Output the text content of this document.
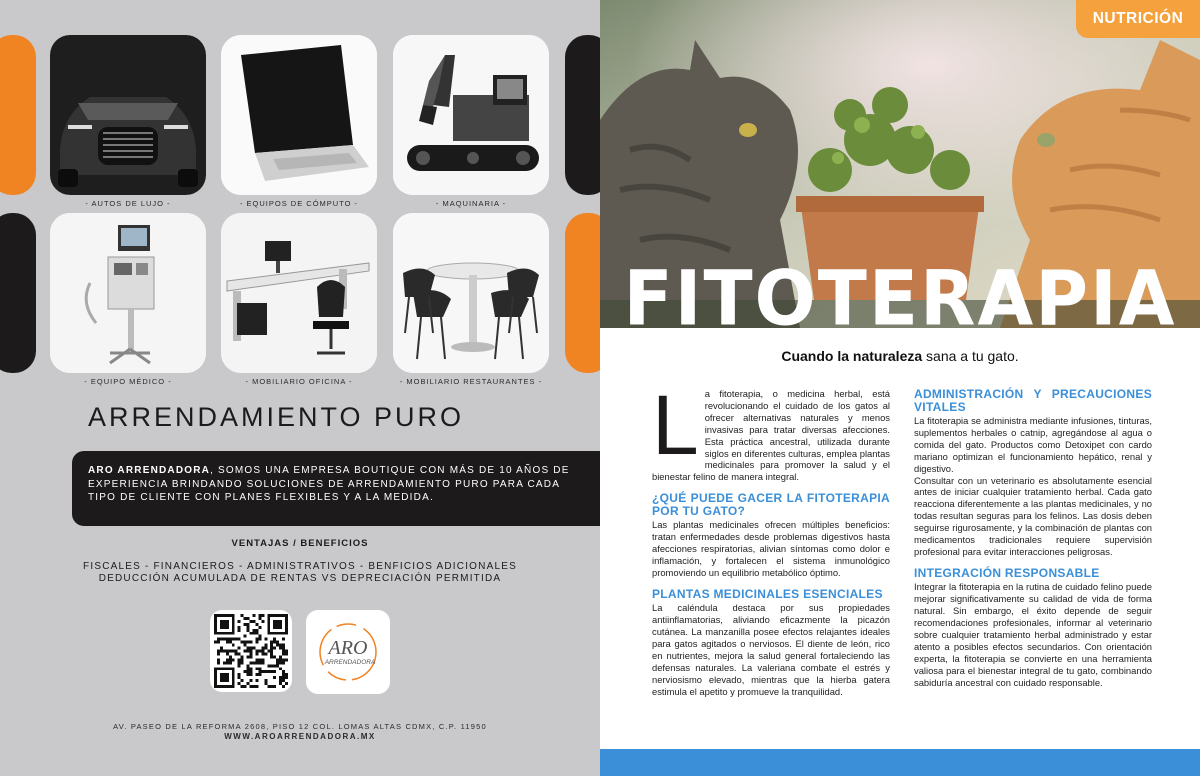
- AUTOS DE LUJO -	- EQUIPOS DE CÓMPUTO -	- MAQUINARIA -
- EQUIPO MÉDICO -	- MOBILIARIO OFICINA -	- MOBILIARIO RESTAURANTES -
ARRENDAMIENTO PURO
ARO ARRENDADORA, SOMOS UNA EMPRESA BOUTIQUE CON MÁS DE 10 AÑOS DE EXPERIENCIA BRINDANDO SOLUCIONES DE ARRENDAMIENTO PURO PARA CADA TIPO DE CLIENTE CON PLANES FLEXIBLES Y A LA MEDIDA.
VENTAJAS / BENEFICIOS
FISCALES - FINANCIEROS - ADMINISTRATIVOS - BENFICIOS ADICIONALES
DEDUCCIÓN ACUMULADA DE RENTAS VS DEPRECIACIÓN PERMITIDA
ARO
ARRENDADORA
AV. PASEO DE LA REFORMA 2608, PISO 12 COL. LOMAS ALTAS CDMX, C.P. 11950
WWW.AROARRENDADORA.MX
NUTRICIÓN
FITOTERAPIA
Cuando la naturaleza sana a tu gato.
La fitoterapia, o medicina herbal, está revolucionando el cuidado de los gatos al ofrecer alternativas naturales y menos invasivas para tratar diversas afecciones. Esta práctica ancestral, utilizada durante siglos en diferentes culturas, emplea plantas medicinales para promover la salud y el bienestar felino de manera integral.
¿QUÉ PUEDE GACER LA FITOTERAPIA POR TU GATO?
Las plantas medicinales ofrecen múltiples beneficios: tratan enfermedades desde problemas digestivos hasta afecciones respiratorias, alivian síntomas como dolor e inflamación, y fortalecen el sistema inmunológico promoviendo un equilibrio metabólico óptimo.
PLANTAS MEDICINALES ESENCIALES
La caléndula destaca por sus propiedades antiinflamatorias, aliviando eficazmente la picazón cutánea. La manzanilla posee efectos relajantes ideales para gatos agitados o nerviosos. El diente de león, rico en nutrientes, mejora la salud general fortaleciendo las defensas naturales. La valeriana combate el estrés y nerviosismo elevado, mientras que la hierba gatera estimula el apetito y promueve la tranquilidad.
ADMINISTRACIÓN Y PRECAUCIONES VITALES
La fitoterapia se administra mediante infusiones, tinturas, suplementos herbales o catnip, agregándose al agua o comida del gato. Productos como Detoxipet con cardo mariano optimizan el funcionamiento hepático, renal y digestivo.
Consultar con un veterinario es absolutamente esencial antes de iniciar cualquier tratamiento herbal. Cada gato reacciona diferentemente a las plantas medicinales, y no todas resultan seguras para los felinos. Las dosis deben seguirse rigurosamente, y la combinación de plantas con medicamentos tradicionales requiere supervisión profesional para evitar interacciones peligrosas.
INTEGRACIÓN RESPONSABLE
Integrar la fitoterapia en la rutina de cuidado felino puede mejorar significativamente su calidad de vida de forma natural. Sin embargo, el éxito depende de seguir recomendaciones profesionales, informar al veterinario sobre cualquier tratamiento herbal administrado y estar atento a posibles efectos secundarios. Con orientación experta, la fitoterapia se convierte en una herramienta valiosa para el bienestar integral de tu gato, combinando sabiduría ancestral con cuidado responsable.
